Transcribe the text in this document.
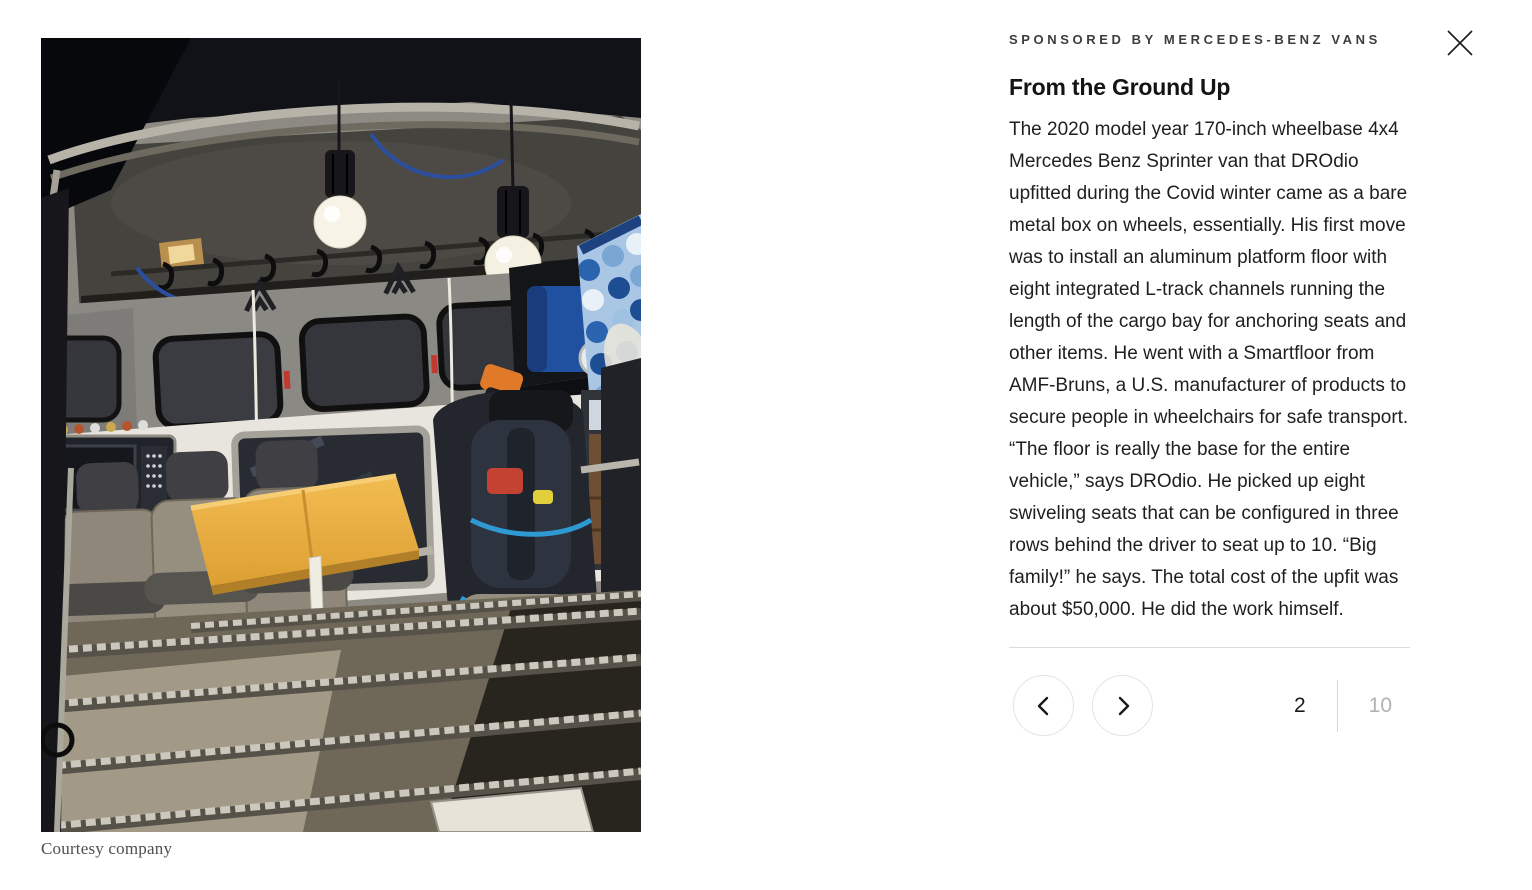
Courtesy company
SPONSORED BY MERCEDES-BENZ VANS
From the Ground Up

The 2020 model year 170-inch wheelbase 4x4 Mercedes Benz Sprinter van that DROdio upfitted during the Covid winter came as a bare metal box on wheels, essentially. His first move was to install an aluminum platform floor with eight integrated L-track channels running the length of the cargo bay for anchoring seats and other items. He went with a Smartfloor from AMF-Bruns, a U.S. manufacturer of products to secure people in wheelchairs for safe transport. “The floor is really the base for the entire vehicle,” says DROdio. He picked up eight swiveling seats that can be configured in three rows behind the driver to seat up to 10. “Big family!” he says. The total cost of the upfit was about $50,000. He did the work himself.

2	10
